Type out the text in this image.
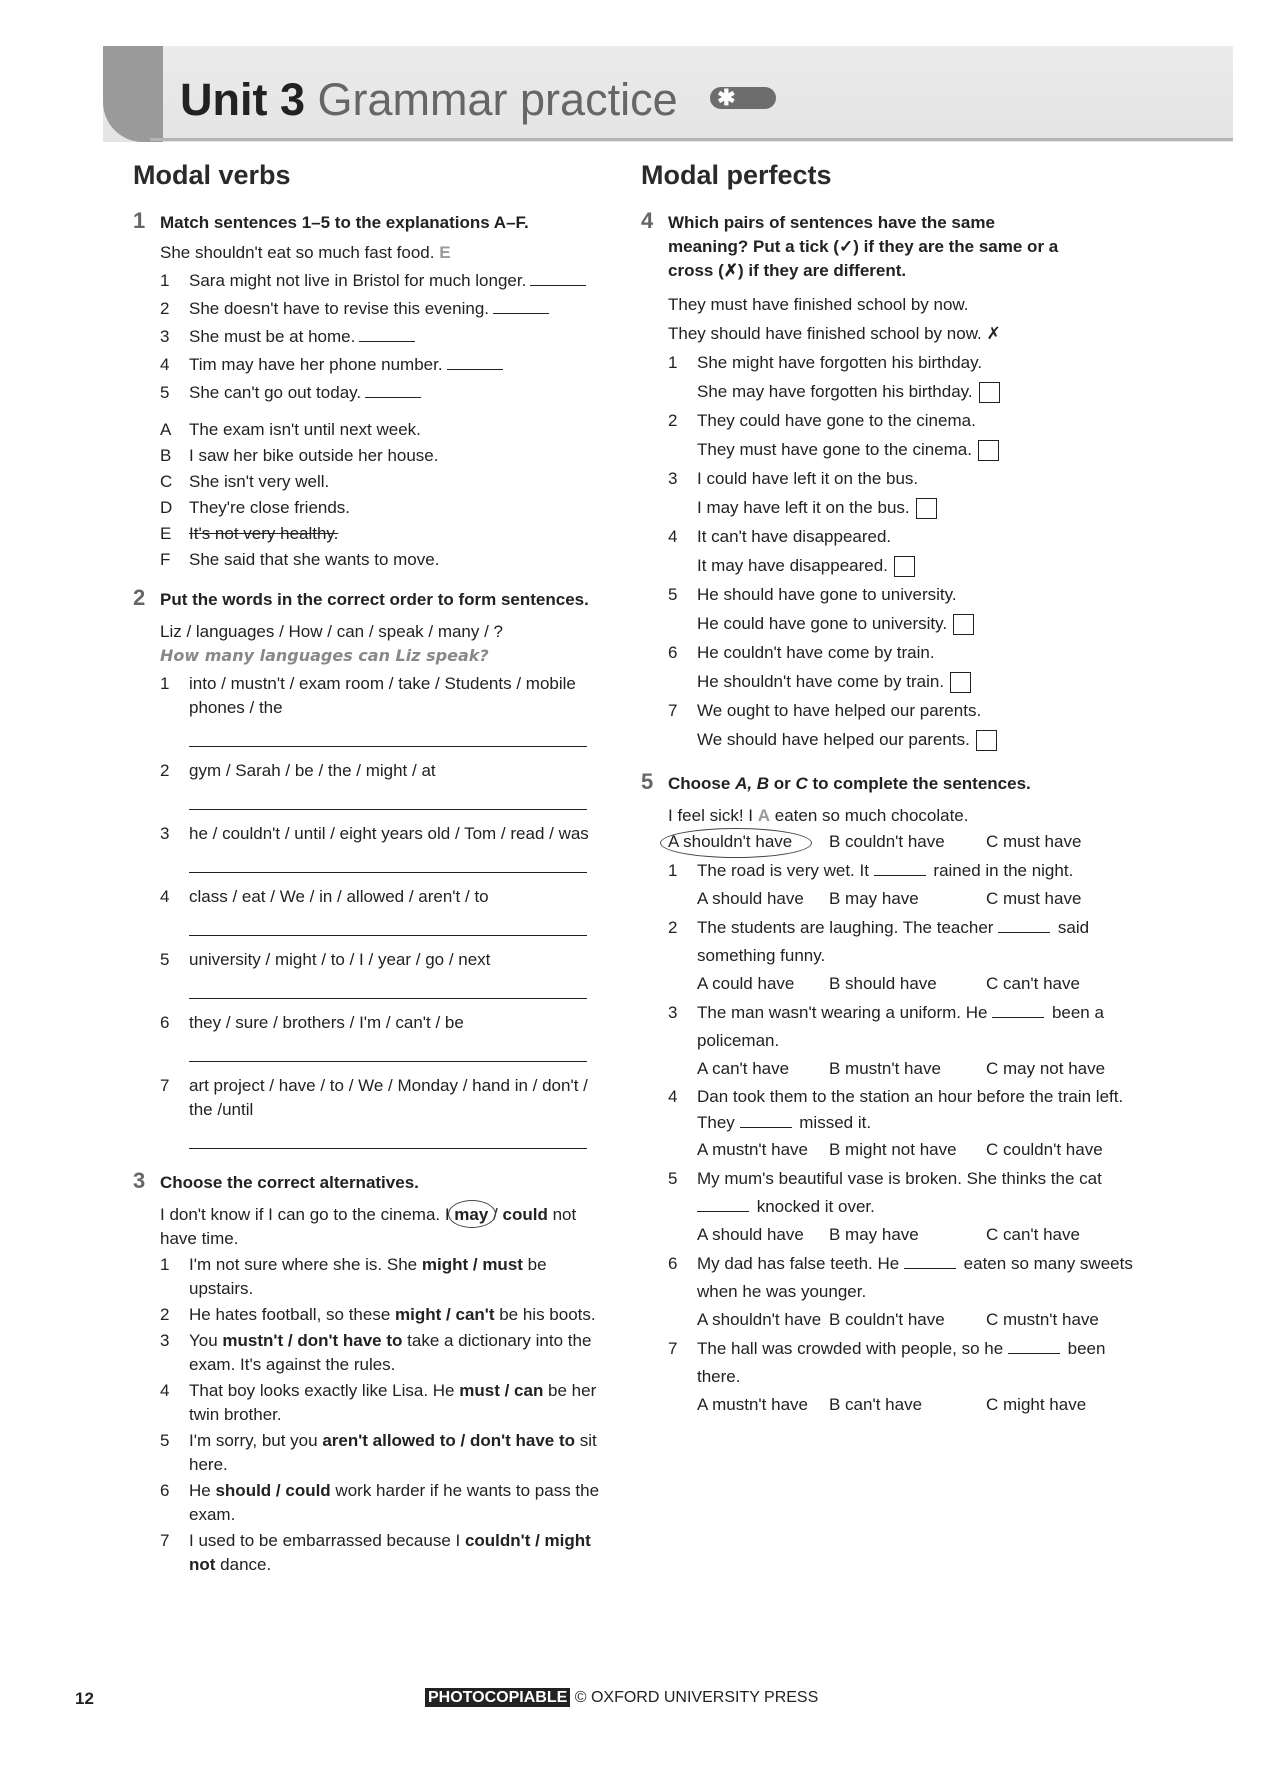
Unit 3 Grammar practice ✱
Modal verbs
1 Match sentences 1–5 to the explanations A–F.
She shouldn't eat so much fast food. E
1 Sara might not live in Bristol for much longer.
2 She doesn't have to revise this evening.
3 She must be at home.
4 Tim may have her phone number.
5 She can't go out today.
A The exam isn't until next week.
B I saw her bike outside her house.
C She isn't very well.
D They're close friends.
E It's not very healthy.
F She said that she wants to move.
2 Put the words in the correct order to form sentences.
Liz / languages / How / can / speak / many / ?
How many languages can Liz speak?
1 into / mustn't / exam room / take / Students / mobile phones / the
2 gym / Sarah / be / the / might / at
3 he / couldn't / until / eight years old / Tom / read / was
4 class / eat / We / in / allowed / aren't / to
5 university / might / to / I / year / go / next
6 they / sure / brothers / I'm / can't / be
7 art project / have / to / We / Monday / hand in / don't / the /until
3 Choose the correct alternatives.
I don't know if I can go to the cinema. I may
/ could not have time.
1 I'm not sure where she is. She might / must be upstairs.
2 He hates football, so these might / can't be his boots.
3 You mustn't / don't have to take a dictionary into the exam. It's against the rules.
4 That boy looks exactly like Lisa. He must / can be her twin brother.
5 I'm sorry, but you aren't allowed to / don't have to sit here.
6 He should / could work harder if he wants to pass the exam.
7 I used to be embarrassed because I couldn't / might not dance.
Modal perfects
4 Which pairs of sentences have the same meaning? Put a tick (✓) if they are the same or a cross (✗) if they are different.
They must have finished school by now.
They should have finished school by now. ✗
1 She might have forgotten his birthday.
She may have forgotten his birthday.
2 They could have gone to the cinema.
They must have gone to the cinema.
3 I could have left it on the bus.
I may have left it on the bus.
4 It can't have disappeared.
It may have disappeared.
5 He should have gone to university.
He could have gone to university.
6 He couldn't have come by train.
He shouldn't have come by train.
7 We ought to have helped our parents.
We should have helped our parents.
5 Choose A, B or C to complete the sentences.
I feel sick! I A eaten so much chocolate.
A shouldn't have B couldn't have C must have
1 The road is very wet. It	rained in the night.
A should have B may have	C must have
2 The students are laughing. The teacher	said something funny.
A could have B should have	C can't have
3 The man wasn't wearing a uniform. He	been a policeman.
A can't have B mustn't have	C may not have
4 Dan took them to the station an hour before the train left.
They	missed it.
A mustn't have B might not have C couldn't have
5 My mum's beautiful vase is broken. She thinks the cat
knocked it over.
A should have B may have	C can't have
6 My dad has false teeth. He	eaten so many sweets when he was younger.
A shouldn't have B couldn't have C mustn't have
7 The hall was crowded with people, so he	been there.
A mustn't have B can't have	C might have
12	PHOTOCOPIABLE © OXFORD UNIVERSITY PRESS
